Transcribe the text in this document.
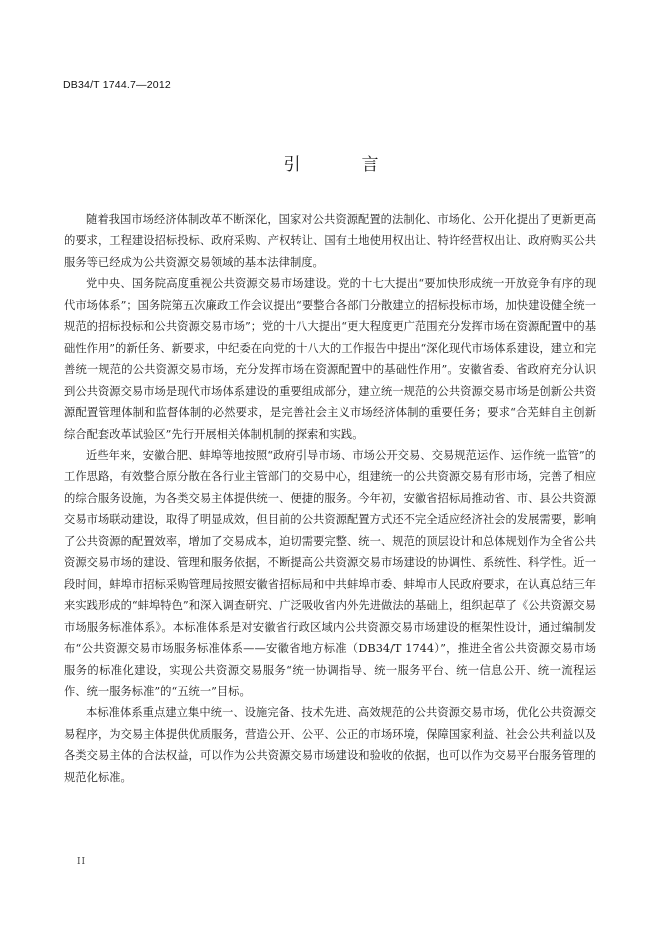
DB34/T 1744.7—2012
引　言

随着我国市场经济体制改革不断深化，国家对公共资源配置的法制化、市场化、公开化提出了更新更高的要求，工程建设招标投标、政府采购、产权转让、国有土地使用权出让、特许经营权出让、政府购买公共服务等已经成为公共资源交易领域的基本法律制度。

党中央、国务院高度重视公共资源交易市场建设。党的十七大提出“要加快形成统一开放竞争有序的现代市场体系”；国务院第五次廉政工作会议提出“要整合各部门分散建立的招标投标市场，加快建设健全统一规范的招标投标和公共资源交易市场”；党的十八大提出“更大程度更广范围充分发挥市场在资源配置中的基础性作用”的新任务、新要求，中纪委在向党的十八大的工作报告中提出“深化现代市场体系建设，建立和完善统一规范的公共资源交易市场，充分发挥市场在资源配置中的基础性作用”。安徽省委、省政府充分认识到公共资源交易市场是现代市场体系建设的重要组成部分，建立统一规范的公共资源交易市场是创新公共资源配置管理体制和监督体制的必然要求，是完善社会主义市场经济体制的重要任务；要求“合芜蚌自主创新综合配套改革试验区”先行开展相关体制机制的探索和实践。

近些年来，安徽合肥、蚌埠等地按照“政府引导市场、市场公开交易、交易规范运作、运作统一监管”的工作思路，有效整合原分散在各行业主管部门的交易中心，组建统一的公共资源交易有形市场，完善了相应的综合服务设施，为各类交易主体提供统一、便捷的服务。今年初，安徽省招标局推动省、市、县公共资源交易市场联动建设，取得了明显成效，但目前的公共资源配置方式还不完全适应经济社会的发展需要，影响了公共资源的配置效率，增加了交易成本，迫切需要完整、统一、规范的顶层设计和总体规划作为全省公共资源交易市场的建设、管理和服务依据，不断提高公共资源交易市场建设的协调性、系统性、科学性。近一段时间，蚌埠市招标采购管理局按照安徽省招标局和中共蚌埠市委、蚌埠市人民政府要求，在认真总结三年来实践形成的“蚌埠特色”和深入调查研究、广泛吸收省内外先进做法的基础上，组织起草了《公共资源交易市场服务标准体系》。本标准体系是对安徽省行政区域内公共资源交易市场建设的框架性设计，通过编制发布“公共资源交易市场服务标准体系——安徽省地方标准（DB34/T 1744）”，推进全省公共资源交易市场服务的标准化建设，实现公共资源交易服务“统一协调指导、统一服务平台、统一信息公开、统一流程运作、统一服务标准”的“五统一”目标。

本标准体系重点建立集中统一、设施完备、技术先进、高效规范的公共资源交易市场，优化公共资源交易程序，为交易主体提供优质服务，营造公开、公平、公正的市场环境，保障国家利益、社会公共利益以及各类交易主体的合法权益，可以作为公共资源交易市场建设和验收的依据，也可以作为交易平台服务管理的规范化标准。

II
